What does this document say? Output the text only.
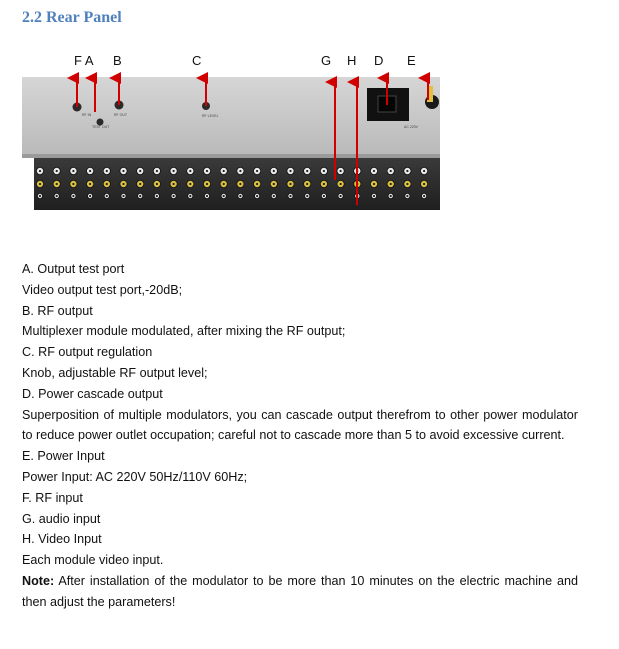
2.2 Rear Panel
F A B	C	G H D E
RF IN
TEST OUT
RF OUT	RF LEVEL
AC 220V

A. Output test port

Video output test port,-20dB;

B. RF output

Multiplexer module modulated, after mixing the RF output;

C. RF output regulation

Knob, adjustable RF output level;

D. Power cascade output

Superposition of multiple modulators, you can cascade output therefrom to other power modulator to reduce power outlet occupation; careful not to cascade more than 5 to avoid excessive current.

E. Power Input

Power Input: AC 220V 50Hz/110V 60Hz;

F. RF input

G. audio input

H. Video Input

Each module video input.

Note: After installation of the modulator to be more than 10 minutes on the electric machine and then adjust the parameters!
